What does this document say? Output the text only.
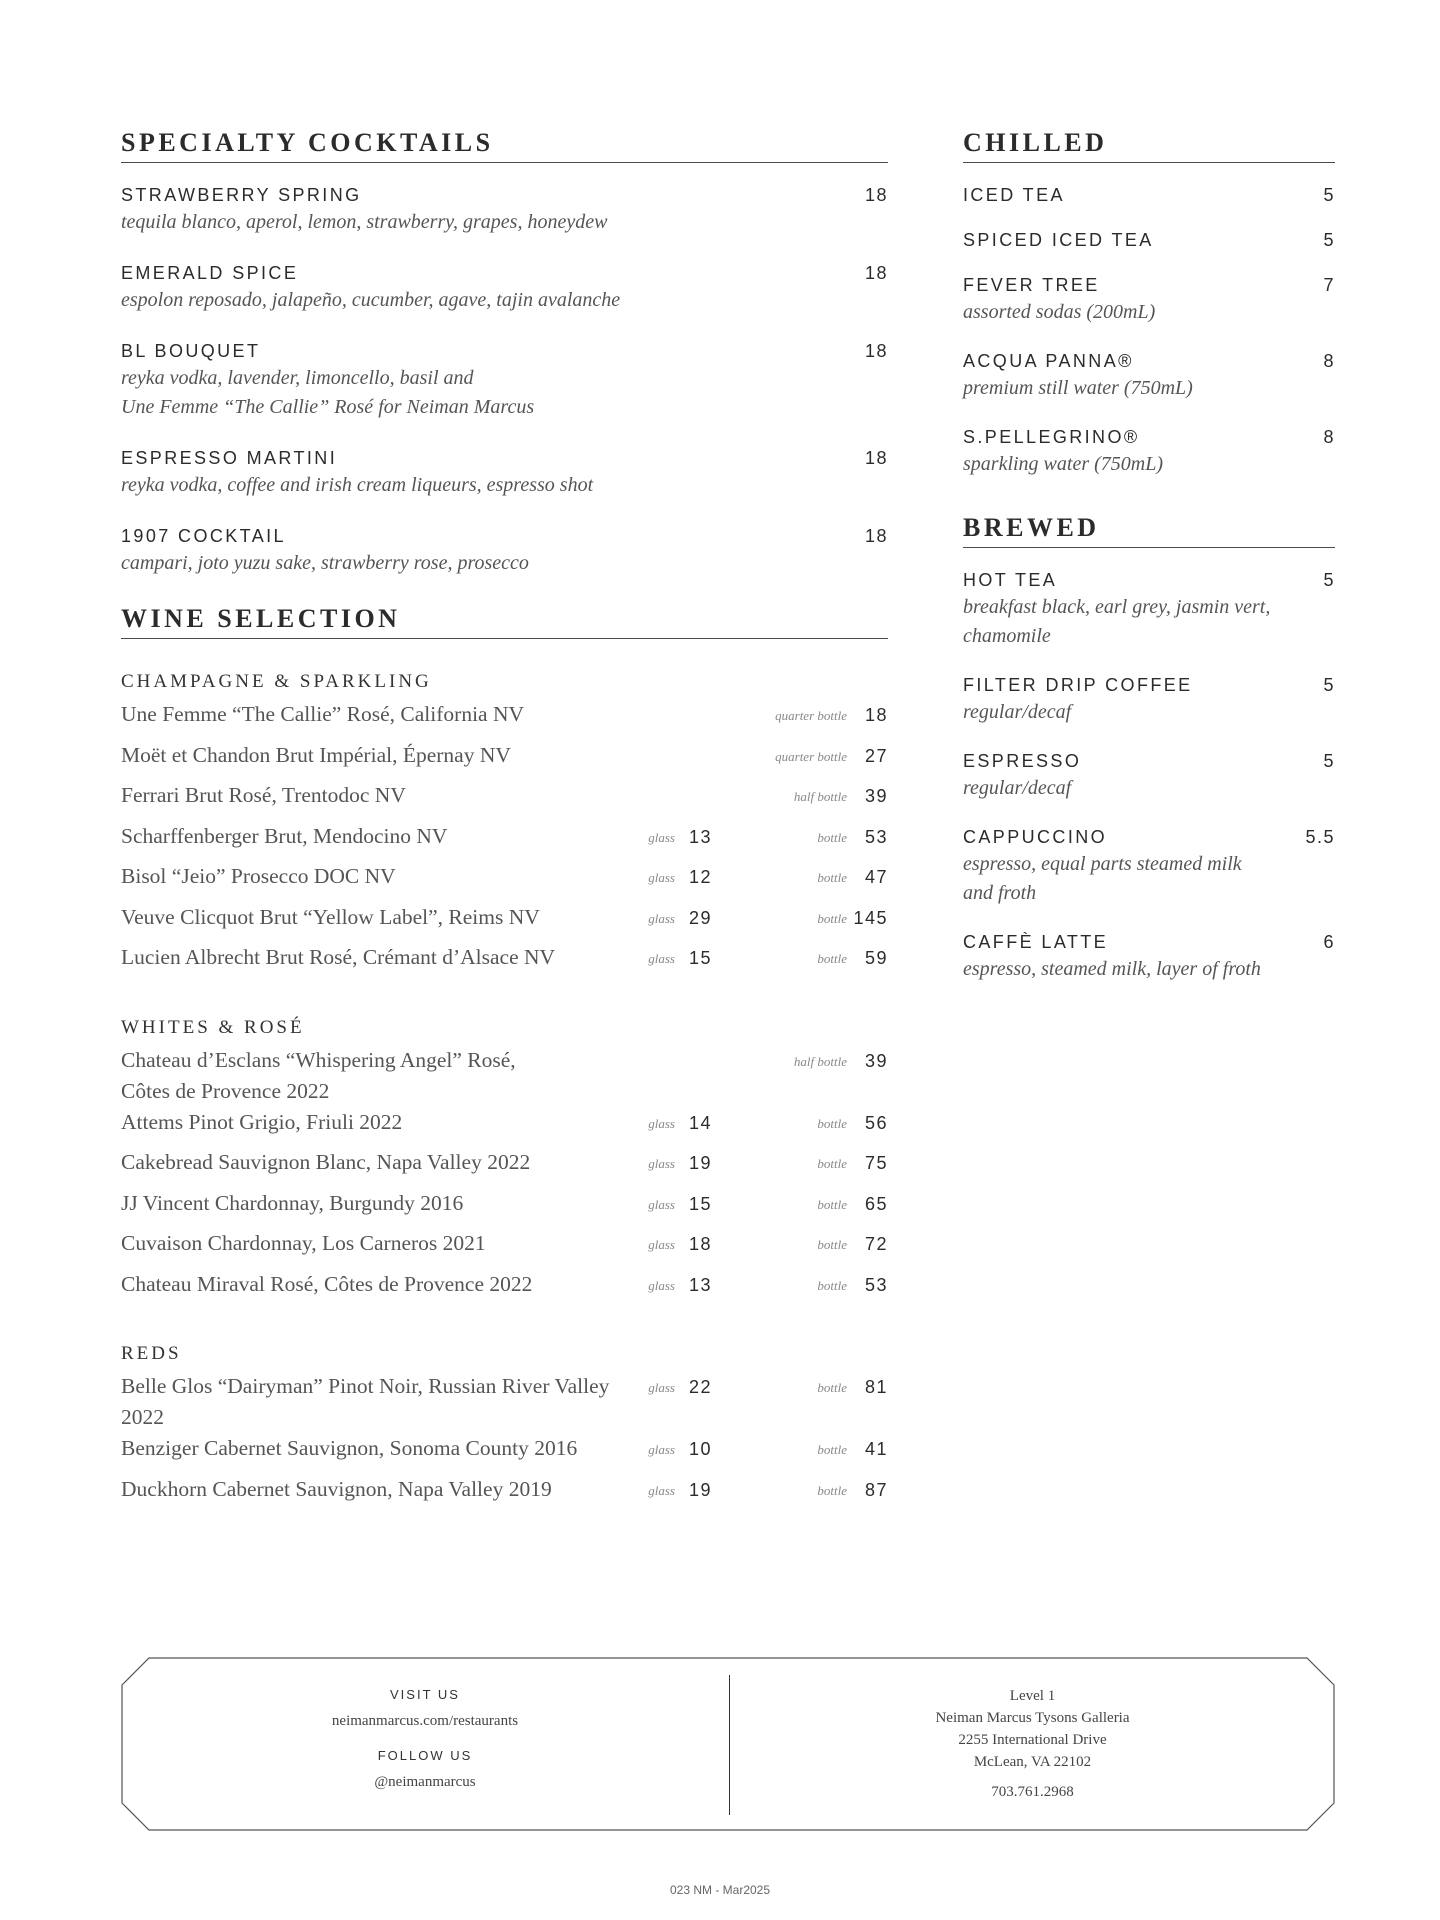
SPECIALTY COCKTAILS
STRAWBERRY SPRING	18
tequila blanco, aperol, lemon, strawberry, grapes, honeydew
EMERALD SPICE	18
espolon reposado, jalapeño, cucumber, agave, tajin avalanche
BL BOUQUET	18
reyka vodka, lavender, limoncello, basil and
Une Femme “The Callie” Rosé for Neiman Marcus
ESPRESSO MARTINI	18
reyka vodka, coffee and irish cream liqueurs, espresso shot
1907 COCKTAIL	18
campari, joto yuzu sake, strawberry rose, prosecco
WINE SELECTION
CHAMPAGNE & SPARKLING
Une Femme “The Callie” Rosé, California NV	quarter bottle 18
Moët et Chandon Brut Impérial, Épernay NV	quarter bottle 27
Ferrari Brut Rosé, Trentodoc NV	half bottle 39
Scharffenberger Brut, Mendocino NV	glass 13	bottle 53
Bisol “Jeio” Prosecco DOC NV	glass 12	bottle 47
Veuve Clicquot Brut “Yellow Label”, Reims NV	glass 29	bottle 145
Lucien Albrecht Brut Rosé, Crémant d’Alsace NV	glass 15	bottle 59
WHITES & ROSÉ
Chateau d’Esclans “Whispering Angel” Rosé,
Côtes de Provence 2022
half bottle 39
Attems Pinot Grigio, Friuli 2022	glass 14	bottle 56
Cakebread Sauvignon Blanc, Napa Valley 2022	glass 19	bottle 75
JJ Vincent Chardonnay, Burgundy 2016	glass 15	bottle 65
Cuvaison Chardonnay, Los Carneros 2021	glass 18	bottle 72
Chateau Miraval Rosé, Côtes de Provence 2022	glass 13	bottle 53
REDS
Belle Glos “Dairyman” Pinot Noir, Russian River Valley 2022
glass 22	bottle 81
Benziger Cabernet Sauvignon, Sonoma County 2016	glass 10	bottle 41
Duckhorn Cabernet Sauvignon, Napa Valley 2019	glass 19	bottle 87
CHILLED
ICED TEA	5
SPICED ICED TEA	5
FEVER TREE	7
assorted sodas (200mL)
ACQUA PANNA®	8
premium still water (750mL)
S.PELLEGRINO®	8
sparkling water (750mL)
BREWED
HOT TEA	5
breakfast black, earl grey, jasmin vert,
chamomile
FILTER DRIP COFFEE	5
regular/decaf
ESPRESSO	5
regular/decaf
CAPPUCCINO	5.5
espresso, equal parts steamed milk
and froth
CAFFÈ LATTE	6
espresso, steamed milk, layer of froth
VISIT US
neimanmarcus.com/restaurants
FOLLOW US
@neimanmarcus
Level 1
Neiman Marcus Tysons Galleria
2255 International Drive
McLean, VA 22102
703.761.2968
023 NM - Mar2025
